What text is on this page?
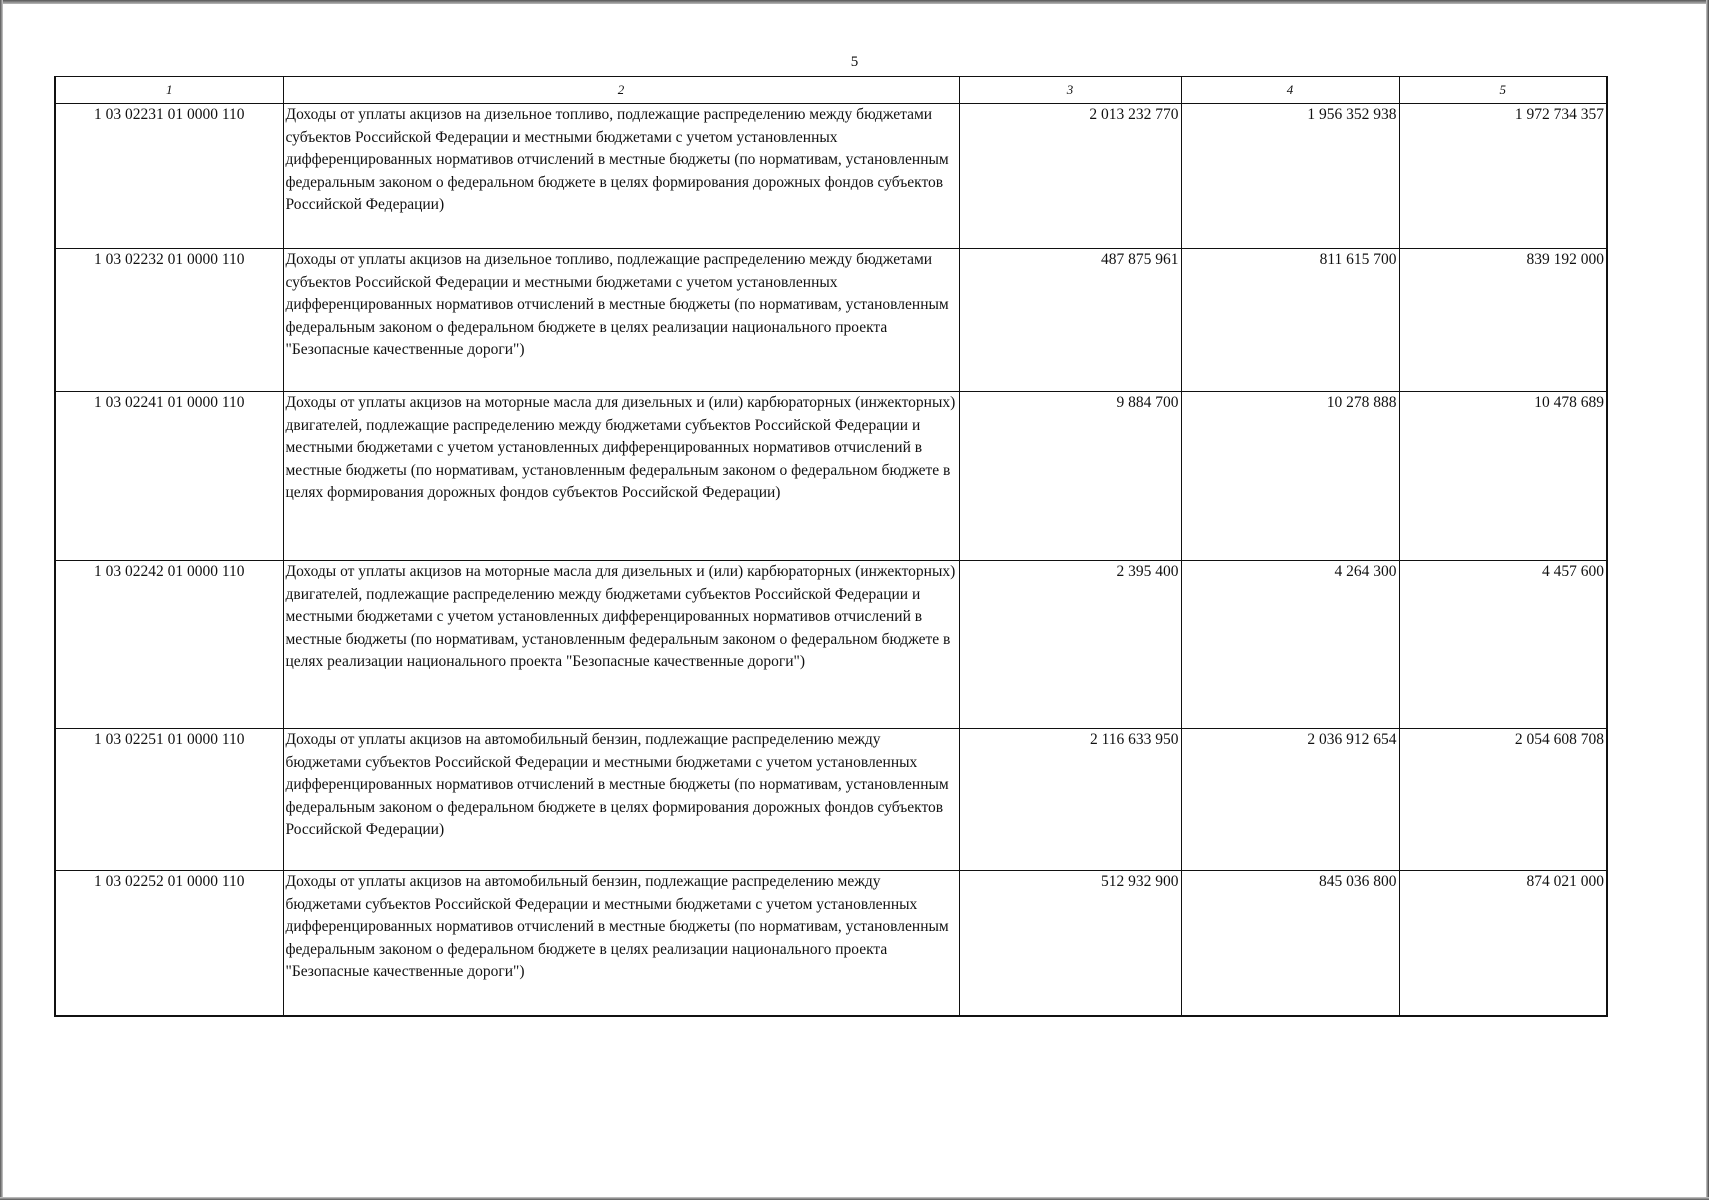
5
1	2	3	4	5
1 03 02231 01 0000 110	Доходы от уплаты акцизов на дизельное топливо, подлежащие распределению между бюджетами субъектов Российской Федерации и местными бюджетами с учетом установленных дифференцированных нормативов отчислений в местные бюджеты (по нормативам, установленным федеральным законом о федеральном бюджете в целях формирования дорожных фондов субъектов Российской Федерации)	2 013 232 770	1 956 352 938	1 972 734 357
1 03 02232 01 0000 110	Доходы от уплаты акцизов на дизельное топливо, подлежащие распределению между бюджетами субъектов Российской Федерации и местными бюджетами с учетом установленных дифференцированных нормативов отчислений в местные бюджеты (по нормативам, установленным федеральным законом о федеральном бюджете в целях реализации национального проекта "Безопасные качественные дороги")	487 875 961	811 615 700	839 192 000
1 03 02241 01 0000 110	Доходы от уплаты акцизов на моторные масла для дизельных и (или) карбюраторных (инжекторных) двигателей, подлежащие распределению между бюджетами субъектов Российской Федерации и местными бюджетами с учетом установленных дифференцированных нормативов отчислений в местные бюджеты (по нормативам, установленным федеральным законом о федеральном бюджете в целях формирования дорожных фондов субъектов Российской Федерации)	9 884 700	10 278 888	10 478 689
1 03 02242 01 0000 110	Доходы от уплаты акцизов на моторные масла для дизельных и (или) карбюраторных (инжекторных) двигателей, подлежащие распределению между бюджетами субъектов Российской Федерации и местными бюджетами с учетом установленных дифференцированных нормативов отчислений в местные бюджеты (по нормативам, установленным федеральным законом о федеральном бюджете в целях реализации национального проекта "Безопасные качественные дороги")	2 395 400	4 264 300	4 457 600
1 03 02251 01 0000 110	Доходы от уплаты акцизов на автомобильный бензин, подлежащие распределению между бюджетами субъектов Российской Федерации и местными бюджетами с учетом установленных дифференцированных нормативов отчислений в местные бюджеты (по нормативам, установленным федеральным законом о федеральном бюджете в целях формирования дорожных фондов субъектов Российской Федерации)	2 116 633 950	2 036 912 654	2 054 608 708
1 03 02252 01 0000 110	Доходы от уплаты акцизов на автомобильный бензин, подлежащие распределению между бюджетами субъектов Российской Федерации и местными бюджетами с учетом установленных дифференцированных нормативов отчислений в местные бюджеты (по нормативам, установленным федеральным законом о федеральном бюджете в целях реализации национального проекта "Безопасные качественные дороги")	512 932 900	845 036 800	874 021 000
